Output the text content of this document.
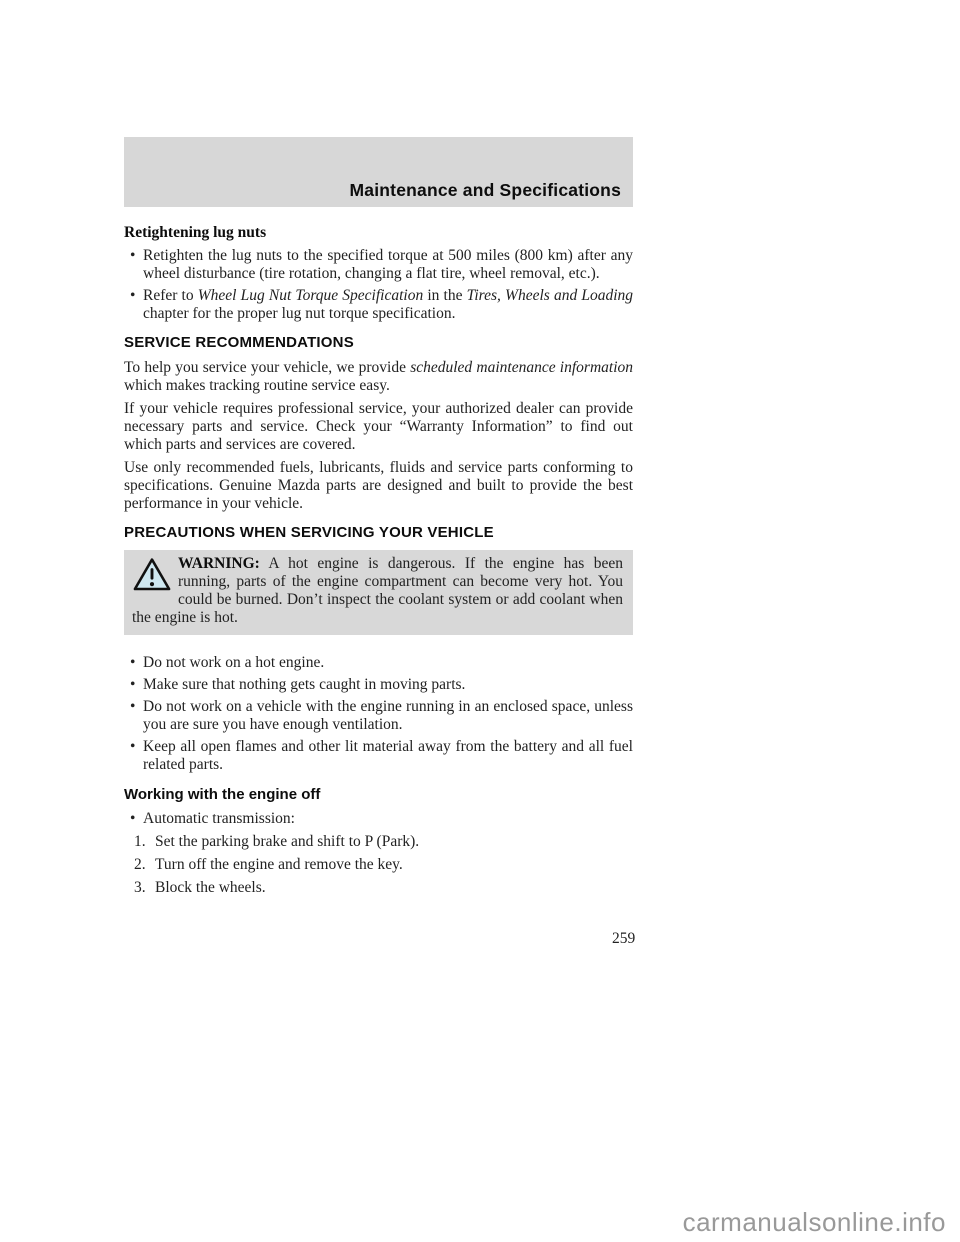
Maintenance and Specifications
Retightening lug nuts
• Retighten the lug nuts to the specified torque at 500 miles (800 km) after any wheel disturbance (tire rotation, changing a flat tire, wheel removal, etc.).
• Refer to Wheel Lug Nut Torque Specification in the Tires, Wheels and Loading chapter for the proper lug nut torque specification.
SERVICE RECOMMENDATIONS

To help you service your vehicle, we provide scheduled maintenance information which makes tracking routine service easy.

If your vehicle requires professional service, your authorized dealer can provide necessary parts and service. Check your “Warranty Information” to find out which parts and services are covered.

Use only recommended fuels, lubricants, fluids and service parts conforming to specifications. Genuine Mazda parts are designed and built to provide the best performance in your vehicle.

PRECAUTIONS WHEN SERVICING YOUR VEHICLE
WARNING: A hot engine is dangerous. If the engine has been running, parts of the engine compartment can become very hot. You could be burned. Don’t inspect the coolant system or add coolant when the engine is hot.
• Do not work on a hot engine.
• Make sure that nothing gets caught in moving parts.
• Do not work on a vehicle with the engine running in an enclosed space, unless you are sure you have enough ventilation.
• Keep all open flames and other lit material away from the battery and all fuel related parts.
Working with the engine off
• Automatic transmission:
1. Set the parking brake and shift to P (Park).
2. Turn off the engine and remove the key.
3. Block the wheels.
259
carmanualsonline.info
